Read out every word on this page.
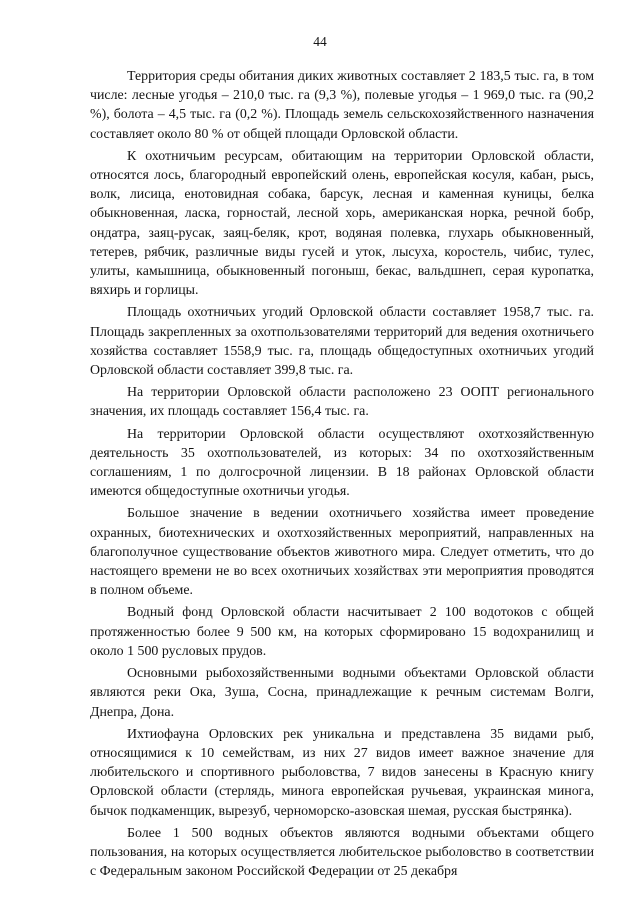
44

Территория среды обитания диких животных составляет 2 183,5 тыс. га, в том числе: лесные угодья – 210,0 тыс. га (9,3 %), полевые угодья – 1 969,0 тыс. га (90,2 %), болота – 4,5 тыс. га (0,2 %). Площадь земель сельскохозяйственного назначения составляет около 80 % от общей площади Орловской области.

К охотничьим ресурсам, обитающим на территории Орловской области, относятся лось, благородный европейский олень, европейская косуля, кабан, рысь, волк, лисица, енотовидная собака, барсук, лесная и каменная куницы, белка обыкновенная, ласка, горностай, лесной хорь, американская норка, речной бобр, ондатра, заяц-русак, заяц-беляк, крот, водяная полевка, глухарь обыкновенный, тетерев, рябчик, различные виды гусей и уток, лысуха, коростель, чибис, тулес, улиты, камышница, обыкновенный погоныш, бекас, вальдшнеп, серая куропатка, вяхирь и горлицы.

Площадь охотничьих угодий Орловской области составляет 1958,7 тыс. га. Площадь закрепленных за охотпользователями территорий для ведения охотничьего хозяйства составляет 1558,9 тыс. га, площадь общедоступных охотничьих угодий Орловской области составляет 399,8 тыс. га.

На территории Орловской области расположено 23 ООПТ регионального значения, их площадь составляет 156,4 тыс. га.

На территории Орловской области осуществляют охотхозяйственную деятельность 35 охотпользователей, из которых: 34 по охотхозяйственным соглашениям, 1 по долгосрочной лицензии. В 18 районах Орловской области имеются общедоступные охотничьи угодья.

Большое значение в ведении охотничьего хозяйства имеет проведение охранных, биотехнических и охотхозяйственных мероприятий, направленных на благополучное существование объектов животного мира. Следует отметить, что до настоящего времени не во всех охотничьих хозяйствах эти мероприятия проводятся в полном объеме.

Водный фонд Орловской области насчитывает 2 100 водотоков с общей протяженностью более 9 500 км, на которых сформировано 15 водохранилищ и около 1 500 русловых прудов.

Основными рыбохозяйственными водными объектами Орловской области являются реки Ока, Зуша, Сосна, принадлежащие к речным системам Волги, Днепра, Дона.

Ихтиофауна Орловских рек уникальна и представлена 35 видами рыб, относящимися к 10 семействам, из них 27 видов имеет важное значение для любительского и спортивного рыболовства, 7 видов занесены в Красную книгу Орловской области (стерлядь, минога европейская ручьевая, украинская минога, бычок подкаменщик, вырезуб, черноморско-азовская шемая, русская быстрянка).

Более 1 500 водных объектов являются водными объектами общего пользования, на которых осуществляется любительское рыболовство в соответствии с Федеральным законом Российской Федерации от 25 декабря
